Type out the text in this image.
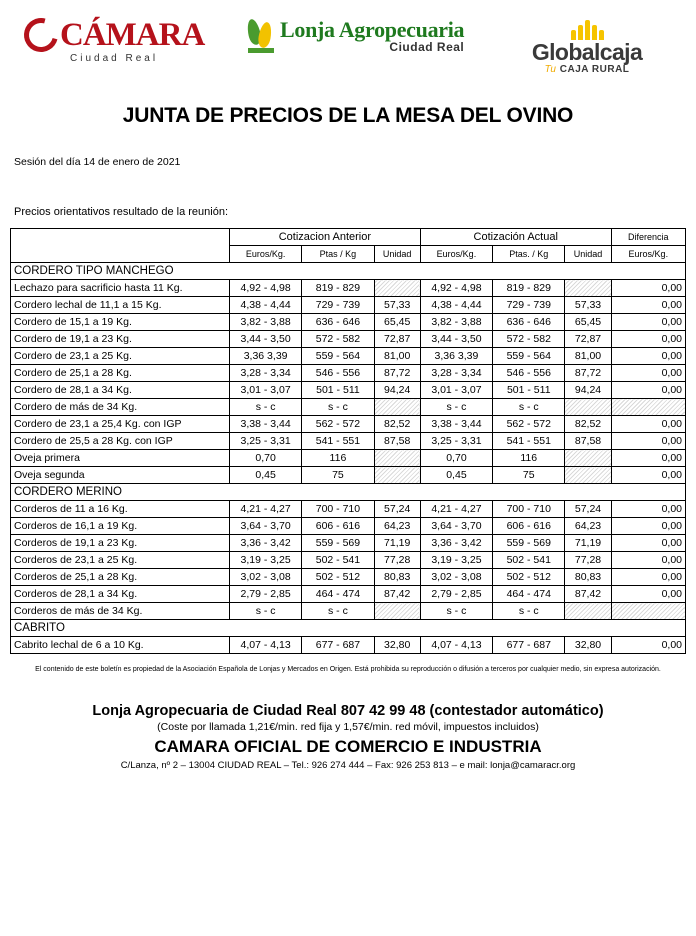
CÁMARA
Ciudad Real
Lonja Agropecuaria
Ciudad Real	Globalcaja
Tu CAJA RURAL
JUNTA DE PRECIOS DE LA MESA DEL OVINO
Sesión del día 14 de enero de 2021
Precios orientativos resultado de la reunión:
	Cotizacion Anterior			Cotización Actual			Diferencia
	Euros/Kg.	Ptas / Kg	Unidad	Euros/Kg.	Ptas. / Kg	Unidad	Euros/Kg.
CORDERO TIPO MANCHEGO							
Lechazo para sacrificio hasta 11 Kg.	4,92 - 4,98	819 - 829		4,92 - 4,98	819 - 829		0,00
Cordero lechal de 11,1 a 15 Kg.	4,38 - 4,44	729 - 739	57,33	4,38 - 4,44	729 - 739	57,33	0,00
Cordero de 15,1 a 19 Kg.	3,82 - 3,88	636 - 646	65,45	3,82 - 3,88	636 - 646	65,45	0,00
Cordero de 19,1 a 23 Kg.	3,44 - 3,50	572 - 582	72,87	3,44 - 3,50	572 - 582	72,87	0,00
Cordero de 23,1 a 25 Kg.	3,36 3,39	559 - 564	81,00	3,36 3,39	559 - 564	81,00	0,00
Cordero de 25,1 a 28 Kg.	3,28 - 3,34	546 - 556	87,72	3,28 - 3,34	546 - 556	87,72	0,00
Cordero de 28,1 a 34 Kg.	3,01 - 3,07	501 - 511	94,24	3,01 - 3,07	501 - 511	94,24	0,00
Cordero de más de 34 Kg.	s - c	s - c		s - c	s - c		
Cordero de 23,1 a 25,4 Kg. con IGP	3,38 - 3,44	562 - 572	82,52	3,38 - 3,44	562 - 572	82,52	0,00
Cordero de 25,5 a 28 Kg. con IGP	3,25 - 3,31	541 - 551	87,58	3,25 - 3,31	541 - 551	87,58	0,00
Oveja primera	0,70	116		0,70	116		0,00
Oveja segunda	0,45	75		0,45	75		0,00
CORDERO MERINO							
Corderos de 11 a 16 Kg.	4,21 - 4,27	700 - 710	57,24	4,21 - 4,27	700 - 710	57,24	0,00
Corderos de 16,1 a 19 Kg.	3,64 - 3,70	606 - 616	64,23	3,64 - 3,70	606 - 616	64,23	0,00
Corderos de 19,1 a 23 Kg.	3,36 - 3,42	559 - 569	71,19	3,36 - 3,42	559 - 569	71,19	0,00
Corderos de 23,1 a 25 Kg.	3,19 - 3,25	502 - 541	77,28	3,19 - 3,25	502 - 541	77,28	0,00
Corderos de 25,1 a 28 Kg.	3,02 - 3,08	502 - 512	80,83	3,02 - 3,08	502 - 512	80,83	0,00
Corderos de 28,1 a 34 Kg.	2,79 - 2,85	464 - 474	87,42	2,79 - 2,85	464 - 474	87,42	0,00
Corderos de más de 34 Kg.	s - c	s - c		s - c	s - c		
CABRITO							
Cabrito lechal de 6 a 10 Kg.	4,07 - 4,13	677 - 687	32,80	4,07 - 4,13	677 - 687	32,80	0,00
El contenido de este boletín es propiedad de la Asociación Española de Lonjas y Mercados en Origen. Está prohibida su reproducción o difusión a terceros por cualquier medio, sin expresa autorización.
Lonja Agropecuaria de Ciudad Real 807 42 99 48 (contestador automático)
(Coste por llamada 1,21€/min. red fija y 1,57€/min. red móvil, impuestos incluidos)
CAMARA OFICIAL DE COMERCIO E INDUSTRIA
C/Lanza, nº 2 – 13004 CIUDAD REAL – Tel.: 926 274 444 – Fax: 926 253 813 – e mail: lonja@camaracr.org
